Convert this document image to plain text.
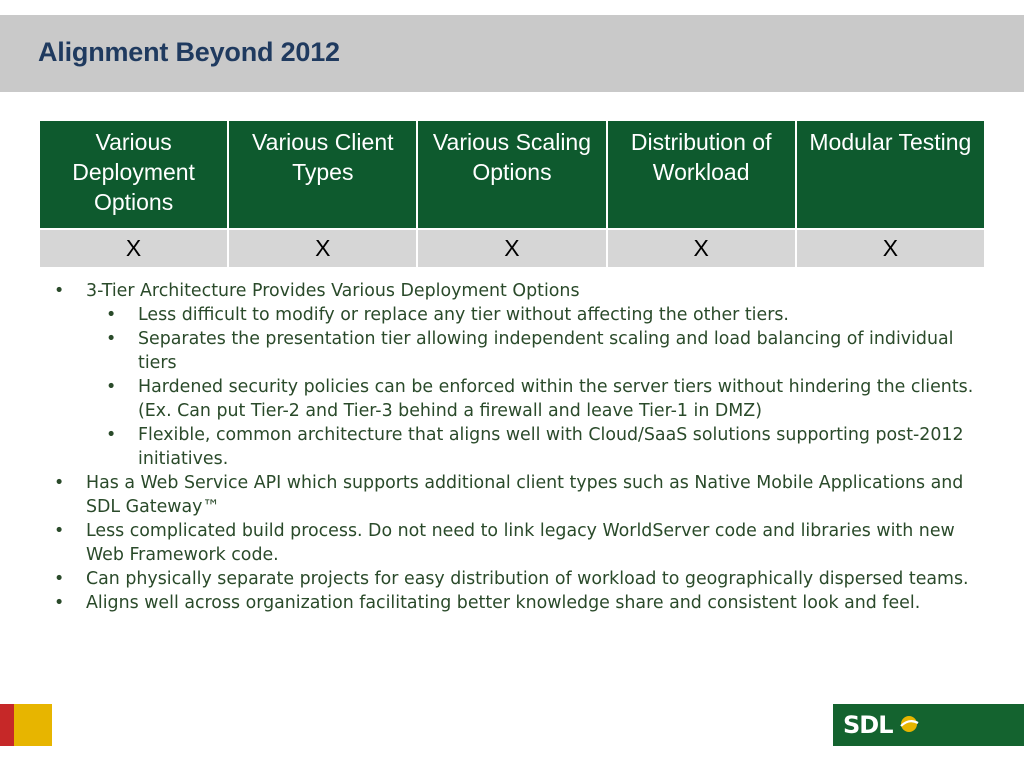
Alignment Beyond 2012
Various Deployment Options	Various Client Types	Various Scaling Options	Distribution of Workload	Modular Testing
X	X	X	X	X
•	3-Tier Architecture Provides Various Deployment Options
•	Less difficult to modify or replace any tier without affecting the other tiers.
•	Separates the presentation tier allowing independent scaling and load balancing of individual tiers
•	Hardened security policies can be enforced within the server tiers without hindering the clients. (Ex. Can put Tier-2 and Tier-3 behind a firewall and leave Tier-1 in DMZ)
•	Flexible, common architecture that aligns well with Cloud/SaaS solutions supporting post-2012 initiatives.
•	Has a Web Service API which supports additional client types such as Native Mobile Applications and SDL Gateway™
•	Less complicated build process. Do not need to link legacy WorldServer code and libraries with new Web Framework code.
•	Can physically separate projects for easy distribution of workload to geographically dispersed teams.
•	Aligns well across organization facilitating better knowledge share and consistent look and feel.
SDL
